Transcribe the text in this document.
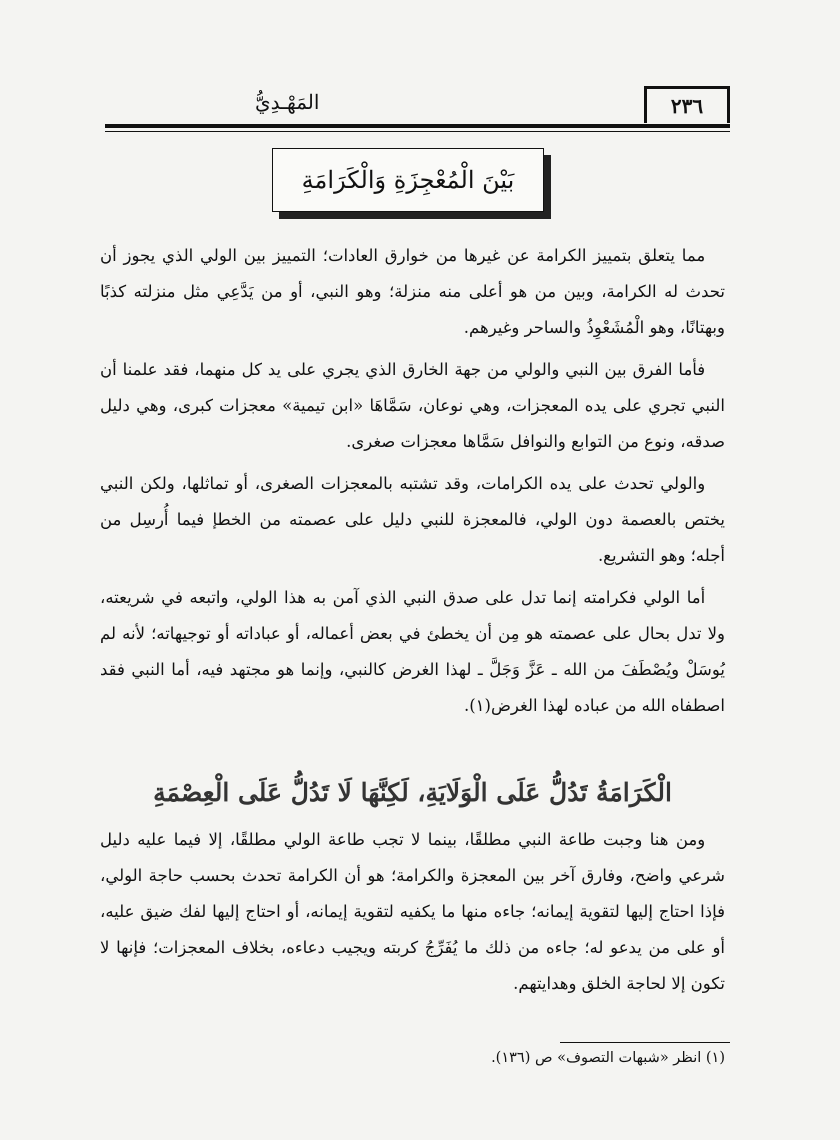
٢٣٦
المَهْـدِيُّ
بَيْنَ الْمُعْجِزَةِ وَالْكَرَامَةِ

مما يتعلق بتمييز الكرامة عن غيرها من خوارق العادات؛ التمييز بين الولي الذي يجوز أن تحدث له الكرامة، وبين من هو أعلى منه منزلة؛ وهو النبي، أو من يَدَّعِي مثل منزلته كذبًا وبهتانًا، وهو الْمُشَعْوِذُ والساحر وغيرهم.

فأما الفرق بين النبي والولي من جهة الخارق الذي يجري على يد كل منهما، فقد علمنا أن النبي تجري على يده المعجزات، وهي نوعان، سَمَّاهَا «ابن تيمية» معجزات كبرى، وهي دليل صدقه، ونوع من التوابع والنوافل سَمَّاها معجزات صغرى.

والولي تحدث على يده الكرامات، وقد تشتبه بالمعجزات الصغرى، أو تماثلها، ولكن النبي يختص بالعصمة دون الولي، فالمعجزة للنبي دليل على عصمته من الخطإ فيما أُرسِل من أجله؛ وهو التشريع.

أما الولي فكرامته إنما تدل على صدق النبي الذي آمن به هذا الولي، واتبعه في شريعته، ولا تدل بحال على عصمته هو مِن أن يخطئ في بعض أعماله، أو عباداته أو توجيهاته؛ لأنه لم يُوسَلْ ويُصْطَفَ من الله ـ عَزَّ وَجَلَّ ـ لهذا الغرض كالنبي، وإنما هو مجتهد فيه، أما النبي فقد اصطفاه الله من عباده لهذا الغرض(١).

الْكَرَامَةُ تَدُلُّ عَلَى الْوَلَايَةِ، لَكِنَّهَا لَا تَدُلُّ عَلَى الْعِصْمَةِ

ومن هنا وجبت طاعة النبي مطلقًا، بينما لا تجب طاعة الولي مطلقًا، إلا فيما عليه دليل شرعي واضح، وفارق آخر بين المعجزة والكرامة؛ هو أن الكرامة تحدث بحسب حاجة الولي، فإذا احتاج إليها لتقوية إيمانه؛ جاءه منها ما يكفيه لتقوية إيمانه، أو احتاج إليها لفك ضيق عليه، أو على من يدعو له؛ جاءه من ذلك ما يُفَرِّجُ كربته ويجيب دعاءه، بخلاف المعجزات؛ فإنها لا تكون إلا لحاجة الخلق وهدايتهم.

(١) انظر «شبهات التصوف» ص (١٣٦).
